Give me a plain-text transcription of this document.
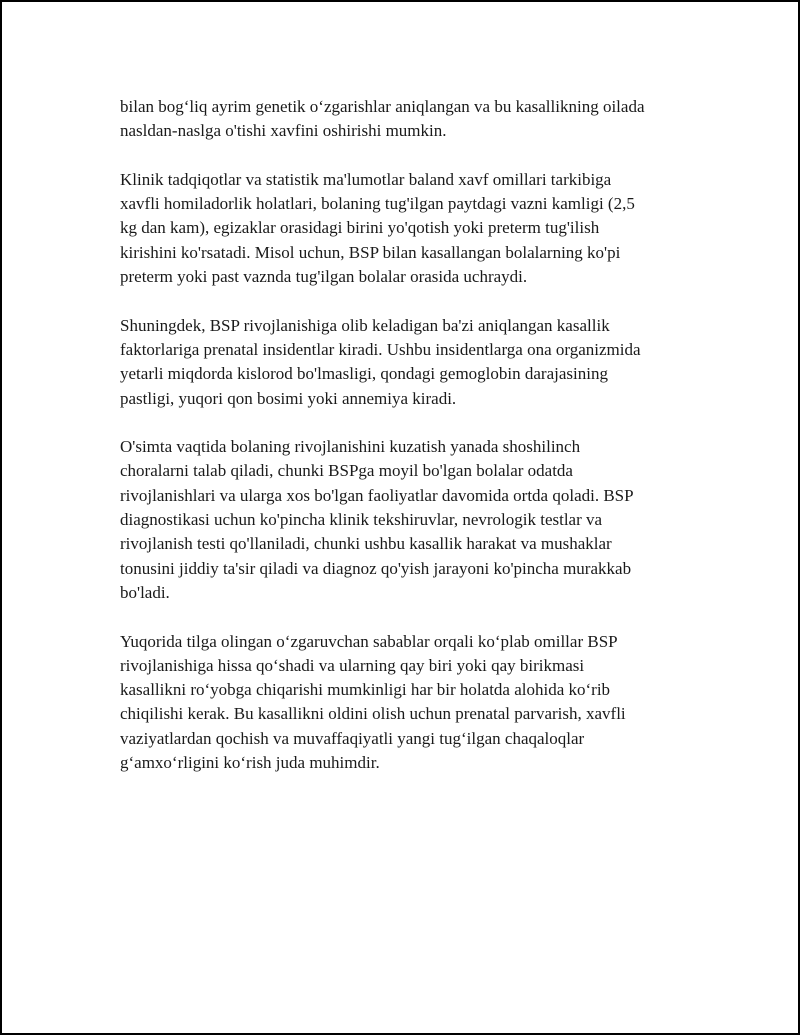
bilan bog‘liq ayrim genetik o‘zgarishlar aniqlangan va bu kasallikning oilada
nasldan-naslga o'tishi xavfini oshirishi mumkin.

Klinik tadqiqotlar va statistik ma'lumotlar baland xavf omillari tarkibiga
xavfli homiladorlik holatlari, bolaning tug'ilgan paytdagi vazni kamligi (2,5
kg dan kam), egizaklar orasidagi birini yo'qotish yoki preterm tug'ilish
kirishini ko'rsatadi. Misol uchun, BSP bilan kasallangan bolalarning ko'pi
preterm yoki past vaznda tug'ilgan bolalar orasida uchraydi.

Shuningdek, BSP rivojlanishiga olib keladigan ba'zi aniqlangan kasallik
faktorlariga prenatal insidentlar kiradi. Ushbu insidentlarga ona organizmida
yetarli miqdorda kislorod bo'lmasligi, qondagi gemoglobin darajasining
pastligi, yuqori qon bosimi yoki annemiya kiradi.

O'simta vaqtida bolaning rivojlanishini kuzatish yanada shoshilinch
choralarni talab qiladi, chunki BSPga moyil bo'lgan bolalar odatda
rivojlanishlari va ularga xos bo'lgan faoliyatlar davomida ortda qoladi. BSP
diagnostikasi uchun ko'pincha klinik tekshiruvlar, nevrologik testlar va
rivojlanish testi qo'llaniladi, chunki ushbu kasallik harakat va mushaklar
tonusini jiddiy ta'sir qiladi va diagnoz qo'yish jarayoni ko'pincha murakkab
bo'ladi.

Yuqorida tilga olingan o‘zgaruvchan sabablar orqali ko‘plab omillar BSP
rivojlanishiga hissa qo‘shadi va ularning qay biri yoki qay birikmasi
kasallikni ro‘yobga chiqarishi mumkinligi har bir holatda alohida ko‘rib
chiqilishi kerak. Bu kasallikni oldini olish uchun prenatal parvarish, xavfli
vaziyatlardan qochish va muvaffaqiyatli yangi tug‘ilgan chaqaloqlar
g‘amxo‘rligini ko‘rish juda muhimdir.
